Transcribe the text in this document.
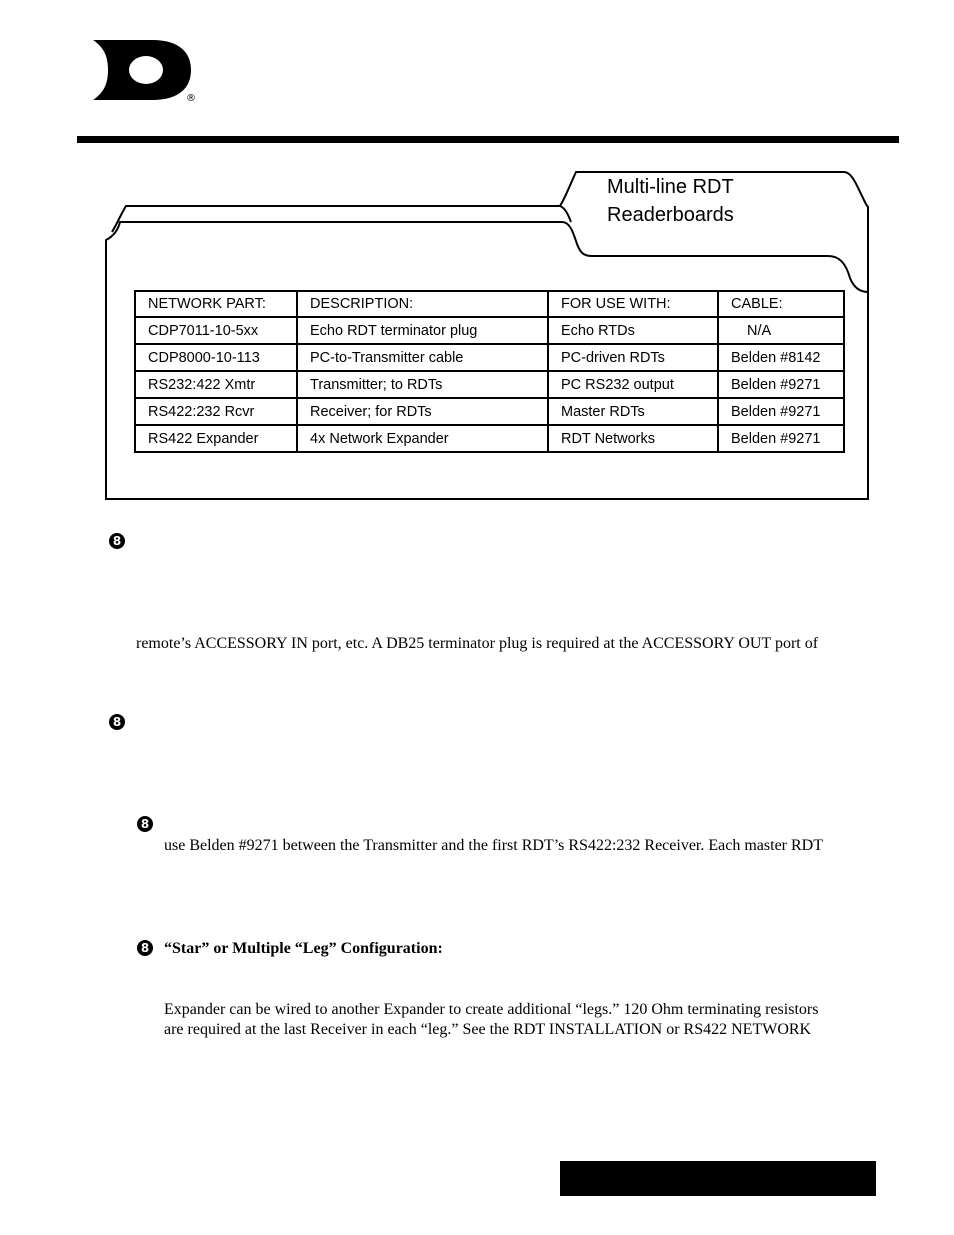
®
Multi-line RDT
Readerboards
NETWORK PART:	DESCRIPTION:	FOR USE WITH:	CABLE:
CDP7011-10-5xx	Echo RDT terminator plug	Echo RTDs	N/A
CDP8000-10-113	PC-to-Transmitter cable	PC-driven RDTs	Belden #8142
RS232:422 Xmtr	Transmitter; to RDTs	PC RS232 output	Belden #9271
RS422:232 Rcvr	Receiver; for RDTs	Master RDTs	Belden #9271
RS422 Expander	4x Network Expander	RDT Networks	Belden #9271
8
8
8
8
remote’s ACCESSORY IN port, etc. A DB25 terminator plug is required at the ACCESSORY OUT port of
use Belden #9271 between the Transmitter and the first RDT’s RS422:232 Receiver. Each master RDT
“Star” or Multiple “Leg” Configuration:
Expander can be wired to another Expander to create additional “legs.” 120 Ohm terminating resistors
are required at the last Receiver in each “leg.” See the RDT INSTALLATION or RS422 NETWORK
